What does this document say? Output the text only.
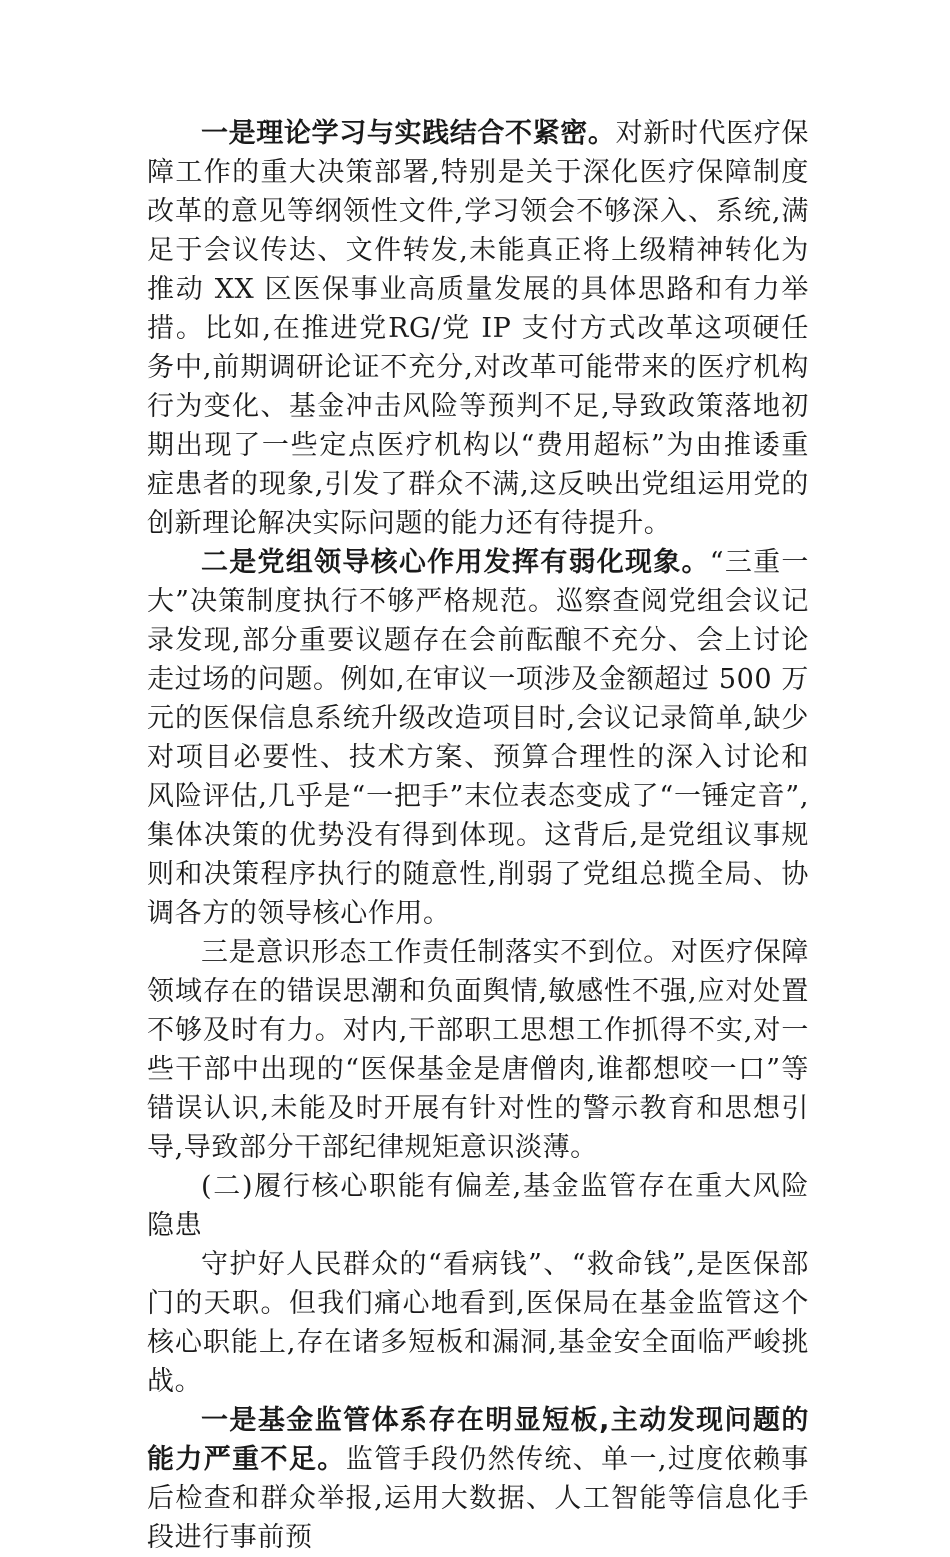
一是理论学习与实践结合不紧密。对新时代医疗保障工作的重大决策部署,特别是关于深化医疗保障制度改革的意见等纲领性文件,学习领会不够深入、系统,满足于会议传达、文件转发,未能真正将上级精神转化为推动 XX 区医保事业高质量发展的具体思路和有力举措。比如,在推进党RG/党 IP 支付方式改革这项硬任务中,前期调研论证不充分,对改革可能带来的医疗机构行为变化、基金冲击风险等预判不足,导致政策落地初期出现了一些定点医疗机构以“费用超标”为由推诿重症患者的现象,引发了群众不满,这反映出党组运用党的创新理论解决实际问题的能力还有待提升。

二是党组领导核心作用发挥有弱化现象。“三重一大”决策制度执行不够严格规范。巡察查阅党组会议记录发现,部分重要议题存在会前酝酿不充分、会上讨论走过场的问题。例如,在审议一项涉及金额超过 500 万元的医保信息系统升级改造项目时,会议记录简单,缺少对项目必要性、技术方案、预算合理性的深入讨论和风险评估,几乎是“一把手”末位表态变成了“一锤定音”,集体决策的优势没有得到体现。这背后,是党组议事规则和决策程序执行的随意性,削弱了党组总揽全局、协调各方的领导核心作用。

三是意识形态工作责任制落实不到位。对医疗保障领域存在的错误思潮和负面舆情,敏感性不强,应对处置不够及时有力。对内,干部职工思想工作抓得不实,对一些干部中出现的“医保基金是唐僧肉,谁都想咬一口”等错误认识,未能及时开展有针对性的警示教育和思想引导,导致部分干部纪律规矩意识淡薄。

(二)履行核心职能有偏差,基金监管存在重大风险隐患

守护好人民群众的“看病钱”、“救命钱”,是医保部门的天职。但我们痛心地看到,医保局在基金监管这个核心职能上,存在诸多短板和漏洞,基金安全面临严峻挑战。

一是基金监管体系存在明显短板,主动发现问题的能力严重不足。监管手段仍然传统、单一,过度依赖事后检查和群众举报,运用大数据、人工智能等信息化手段进行事前预
